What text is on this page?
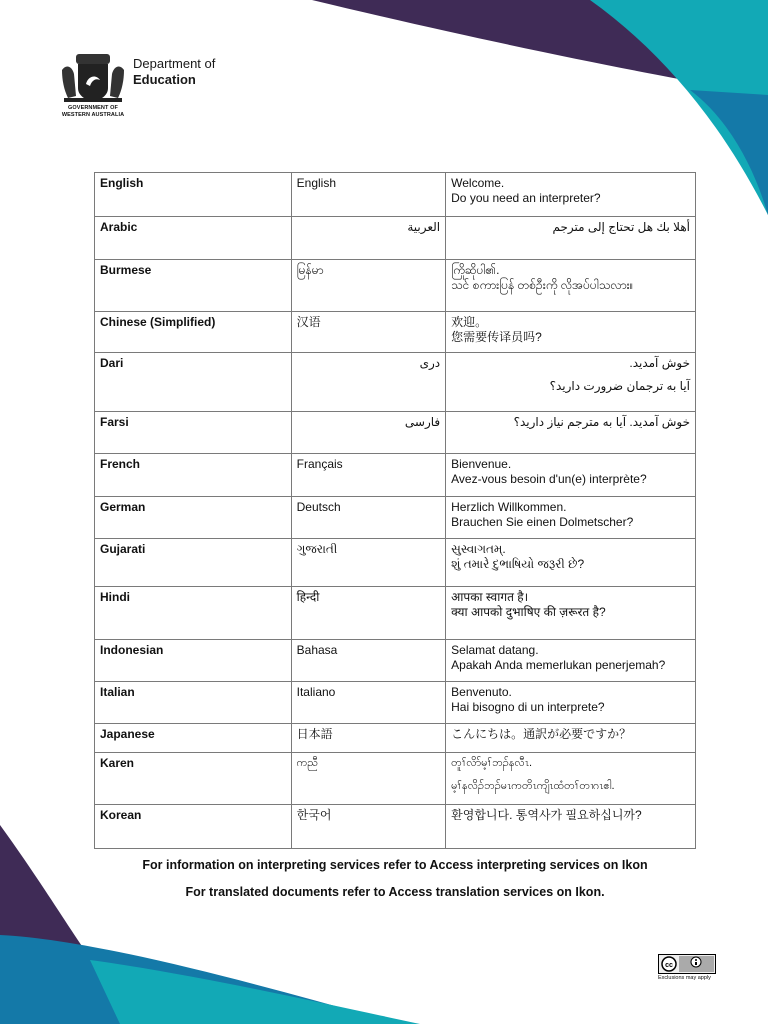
Department of
Education
GOVERNMENT OF
WESTERN AUSTRALIA
English	English	Welcome.
Do you need an interpreter?

Arabic	العربية	أهلا بك هل تحتاج إلى مترجم

Burmese	မြန်မာ	ကြိုဆိုပါ၏.
သင် စကားပြန် တစ်ဦးကို လိုအပ်ပါသလား။

Chinese (Simplified)	汉语	欢迎。
您需要传译员吗?

Dari	دری	خوش آمدید.
آیا به ترجمان ضرورت دارید؟

Farsi	فارسی	خوش آمدید. آیا به مترجم نیاز دارید؟

French	Français	Bienvenue.
Avez-vous besoin d'un(e) interprète?

German	Deutsch	Herzlich Willkommen.
Brauchen Sie einen Dolmetscher?

Gujarati	ગુજરાતી	સુસ્વાગતમ્.
શું તમારે દુભાષિયો જરૂરી છે?

Hindi	हिन्दी	आपका स्वागत है।
क्या आपको दुभाषिए की ज़रूरत है?

Indonesian	Bahasa	Selamat datang.
Apakah Anda memerlukan penerjemah?

Italian	Italiano	Benvenuto.
Hai bisogno di un interprete?

Japanese	日本語	こんにちは。通訳が必要ですか？

Karen	ကညီ	တူၢ်လိာ်မ့ၢ်ဘၣ်နလီၤ.
မ့ၢ်နလိၣ်ဘၣ်မၤကတိၤကျိၤထံတၢ်တၢဂၤဧါ.

Korean	한국어	환영합니다. 통역사가 필요하십니까?
For information on interpreting services refer to Access interpreting services on Ikon
For translated documents refer to Access translation services on Ikon.
cc
Exclusions may apply
